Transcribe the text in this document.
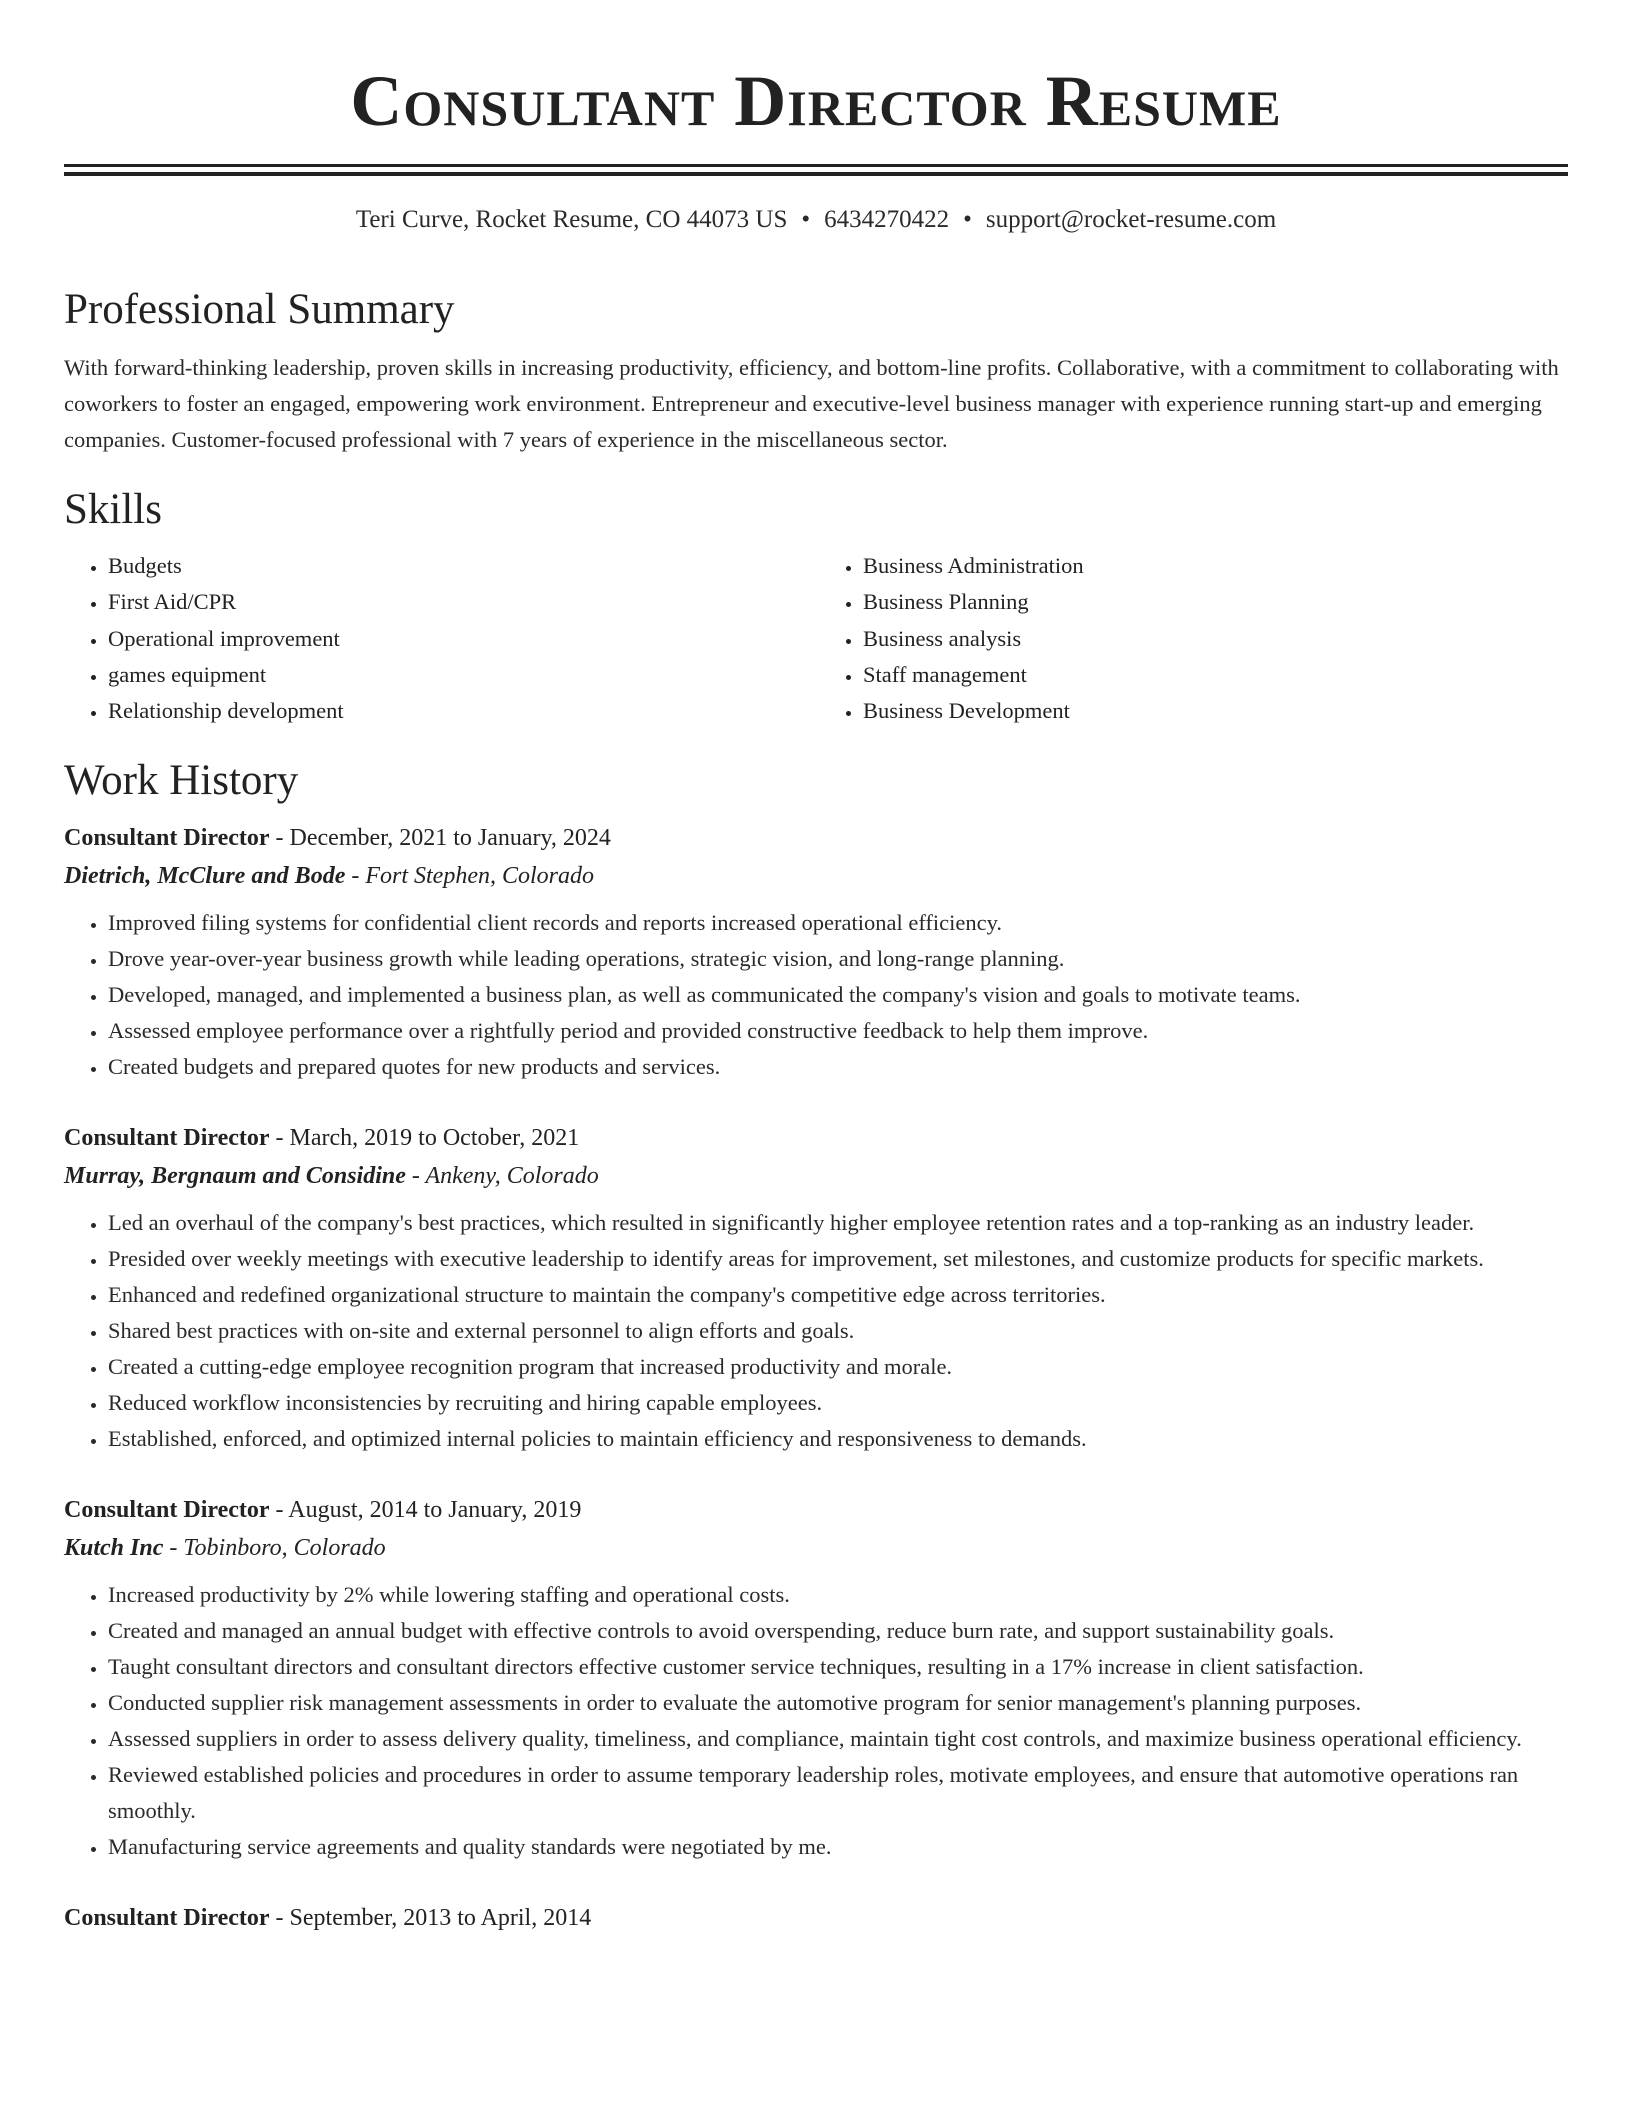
Consultant Director Resume
Teri Curve, Rocket Resume, CO 44073 US • 6434270422 • support@rocket-resume.com
Professional Summary

With forward-thinking leadership, proven skills in increasing productivity, efficiency, and bottom-line profits. Collaborative, with a commitment to collaborating with coworkers to foster an engaged, empowering work environment. Entrepreneur and executive-level business manager with experience running start-up and emerging companies. Customer-focused professional with 7 years of experience in the miscellaneous sector.

Skills
• Budgets
• First Aid/CPR
• Operational improvement
• games equipment
• Relationship development
• Business Administration
• Business Planning
• Business analysis
• Staff management
• Business Development
Work History

Consultant Director - December, 2021 to January, 2024

Dietrich, McClure and Bode - Fort Stephen, Colorado

• Improved filing systems for confidential client records and reports increased operational efficiency.
• Drove year-over-year business growth while leading operations, strategic vision, and long-range planning.
• Developed, managed, and implemented a business plan, as well as communicated the company's vision and goals to motivate teams.
• Assessed employee performance over a rightfully period and provided constructive feedback to help them improve.
• Created budgets and prepared quotes for new products and services.

Consultant Director - March, 2019 to October, 2021

Murray, Bergnaum and Considine - Ankeny, Colorado

• Led an overhaul of the company's best practices, which resulted in significantly higher employee retention rates and a top-ranking as an industry leader.
• Presided over weekly meetings with executive leadership to identify areas for improvement, set milestones, and customize products for specific markets.
• Enhanced and redefined organizational structure to maintain the company's competitive edge across territories.
• Shared best practices with on-site and external personnel to align efforts and goals.
• Created a cutting-edge employee recognition program that increased productivity and morale.
• Reduced workflow inconsistencies by recruiting and hiring capable employees.
• Established, enforced, and optimized internal policies to maintain efficiency and responsiveness to demands.

Consultant Director - August, 2014 to January, 2019

Kutch Inc - Tobinboro, Colorado

• Increased productivity by 2% while lowering staffing and operational costs.
• Created and managed an annual budget with effective controls to avoid overspending, reduce burn rate, and support sustainability goals.
• Taught consultant directors and consultant directors effective customer service techniques, resulting in a 17% increase in client satisfaction.
• Conducted supplier risk management assessments in order to evaluate the automotive program for senior management's planning purposes.
• Assessed suppliers in order to assess delivery quality, timeliness, and compliance, maintain tight cost controls, and maximize business operational efficiency.
• Reviewed established policies and procedures in order to assume temporary leadership roles, motivate employees, and ensure that automotive operations ran smoothly.
• Manufacturing service agreements and quality standards were negotiated by me.

Consultant Director - September, 2013 to April, 2014
